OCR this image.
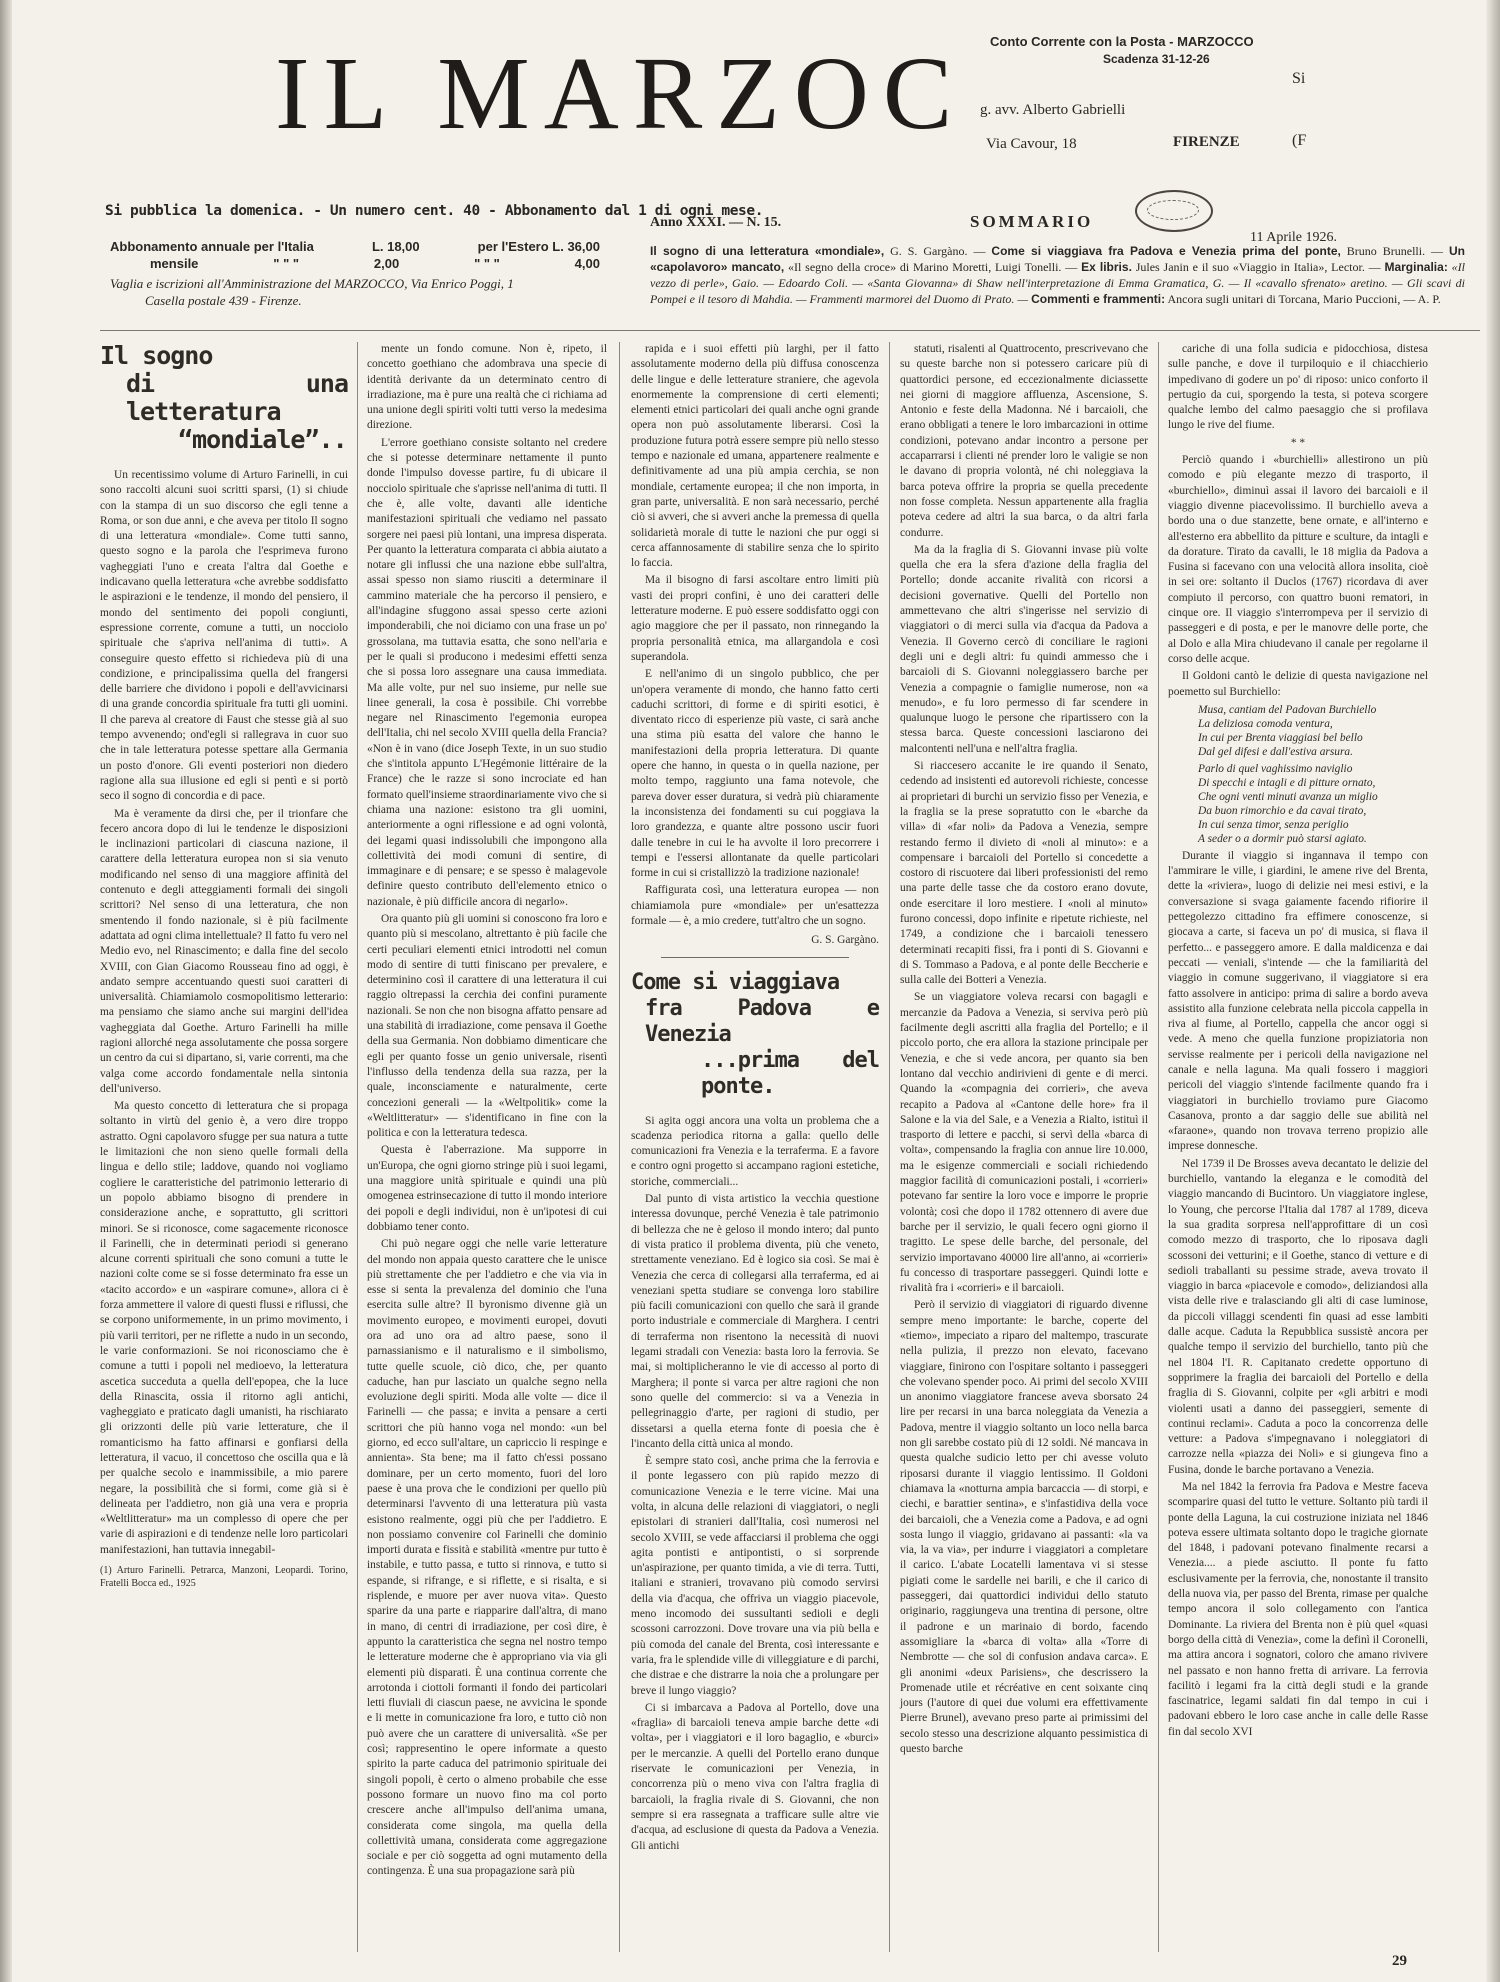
IL MARZOC Conto Corrente con la Posta - MARZOCCO
Scadenza 31-12-26
g. avv. Alberto Gabrielli
Via Cavour, 18	FIRENZE
Si
(F
Si pubblica la domenica. - Un numero cent. 40 - Abbonamento dal 1 di ogni mese.
Abbonamento annuale per l'Italia	L. 18,00	per l'Estero L. 36,00
mensile	" " "	2,00	" " "	4,00
Vaglia e iscrizioni all'Amministrazione del MARZOCCO, Via Enrico Poggi, 1
Casella postale 439 - Firenze.
Anno XXXI. — N. 15.	SOMMARIO
11 Aprile 1926.
Il sogno di una letteratura «mondiale», G. S. Gargàno. — Come si viaggiava fra Padova e Venezia prima del ponte, Bruno Brunelli. — Un «capolavoro» mancato, «Il segno della croce» di Marino Moretti, Luigi Tonelli. — Ex libris. Jules Janin e il suo «Viaggio in Italia», Lector. — Marginalia: «Il vezzo di perle», Gaio. — Edoardo Coli. — «Santa Giovanna» di Shaw nell'interpretazione di Emma Gramatica, G. — Il «cavallo sfrenato» aretino. — Gli scavi di Pompei e il tesoro di Mahdia. — Frammenti marmorei del Duomo di Prato. — Commenti e frammenti: Ancora sugli unitari di Torcana, Mario Puccioni, — A. P.
Il sogno
di una letteratura
“mondiale”..

Un recentissimo volume di Arturo Farinelli, in cui sono raccolti alcuni suoi scritti sparsi, (1) si chiude con la stampa di un suo discorso che egli tenne a Roma, or son due anni, e che aveva per titolo Il sogno di una letteratura «mondiale». Come tutti sanno, questo sogno e la parola che l'esprimeva furono vagheggiati l'uno e creata l'altra dal Goethe e indicavano quella letteratura «che avrebbe soddisfatto le aspirazioni e le tendenze, il mondo del pensiero, il mondo del sentimento dei popoli congiunti, espressione corrente, comune a tutti, un nocciolo spirituale che s'apriva nell'anima di tutti». A conseguire questo effetto si richiedeva più di una condizione, e principalissima quella del frangersi delle barriere che dividono i popoli e dell'avvicinarsi di una grande concordia spirituale fra tutti gli uomini. Il che pareva al creatore di Faust che stesse già al suo tempo avvenendo; ond'egli si rallegrava in cuor suo che in tale letteratura potesse spettare alla Germania un posto d'onore. Gli eventi posteriori non diedero ragione alla sua illusione ed egli si pentì e si portò seco il sogno di concordia e di pace.

Ma è veramente da dirsi che, per il trionfare che fecero ancora dopo di lui le tendenze le disposizioni le inclinazioni particolari di ciascuna nazione, il carattere della letteratura europea non si sia venuto modificando nel senso di una maggiore affinità del contenuto e degli atteggiamenti formali dei singoli scrittori? Nel senso di una letteratura, che non smentendo il fondo nazionale, si è più facilmente adattata ad ogni clima intellettuale? Il fatto fu vero nel Medio evo, nel Rinascimento; e dalla fine del secolo XVIII, con Gian Giacomo Rousseau fino ad oggi, è andato sempre accentuando questi suoi caratteri di universalità. Chiamiamolo cosmopolitismo letterario: ma pensiamo che siamo anche sui margini dell'idea vagheggiata dal Goethe. Arturo Farinelli ha mille ragioni allorché nega assolutamente che possa sorgere un centro da cui si dipartano, si, varie correnti, ma che valga come accordo fondamentale nella sintonia dell'universo.

Ma questo concetto di letteratura che si propaga soltanto in virtù del genio è, a vero dire troppo astratto. Ogni capolavoro sfugge per sua natura a tutte le limitazioni che non sieno quelle formali della lingua e dello stile; laddove, quando noi vogliamo cogliere le caratteristiche del patrimonio letterario di un popolo abbiamo bisogno di prendere in considerazione anche, e soprattutto, gli scrittori minori. Se si riconosce, come sagacemente riconosce il Farinelli, che in determinati periodi si generano alcune correnti spirituali che sono comuni a tutte le nazioni colte come se si fosse determinato fra esse un «tacito accordo» e un «aspirare comune», allora ci è forza ammettere il valore di questi flussi e riflussi, che se corpono uniformemente, in un primo movimento, i più varii territori, per ne riflette a nudo in un secondo, le varie conformazioni. Se noi riconosciamo che è comune a tutti i popoli nel medioevo, la letteratura ascetica succeduta a quella dell'epopea, che la luce della Rinascita, ossia il ritorno agli antichi, vagheggiato e praticato dagli umanisti, ha rischiarato gli orizzonti delle più varie letterature, che il romanticismo ha fatto affinarsi e gonfiarsi della letteratura, il vacuo, il concettoso che oscilla qua e là per qualche secolo e inammissibile, a mio parere negare, la possibilità che si formi, come già si è delineata per l'addietro, non già una vera e propria «Weltlitteratur» ma un complesso di opere che per varie di aspirazioni e di tendenze nelle loro particolari manifestazioni, han tuttavia innegabil-

(1) Arturo Farinelli. Petrarca, Manzoni, Leopardi. Torino, Fratelli Bocca ed., 1925

mente un fondo comune. Non è, ripeto, il concetto goethiano che adombrava una specie di identità derivante da un determinato centro di irradiazione, ma è pure una realtà che ci richiama ad una unione degli spiriti volti tutti verso la medesima direzione.

L'errore goethiano consiste soltanto nel credere che si potesse determinare nettamente il punto donde l'impulso dovesse partire, fu di ubicare il nocciolo spirituale che s'aprisse nell'anima di tutti. Il che è, alle volte, davanti alle identiche manifestazioni spirituali che vediamo nel passato sorgere nei paesi più lontani, una impresa disperata. Per quanto la letteratura comparata ci abbia aiutato a notare gli influssi che una nazione ebbe sull'altra, assai spesso non siamo riusciti a determinare il cammino materiale che ha percorso il pensiero, e all'indagine sfuggono assai spesso certe azioni imponderabili, che noi diciamo con una frase un po' grossolana, ma tuttavia esatta, che sono nell'aria e per le quali si producono i medesimi effetti senza che si possa loro assegnare una causa immediata. Ma alle volte, pur nel suo insieme, pur nelle sue linee generali, la cosa è possibile. Chi vorrebbe negare nel Rinascimento l'egemonia europea dell'Italia, chi nel secolo XVIII quella della Francia? «Non è in vano (dice Joseph Texte, in un suo studio che s'intitola appunto L'Hegémonie littéraire de la France) che le razze si sono incrociate ed han formato quell'insieme straordinariamente vivo che si chiama una nazione: esistono tra gli uomini, anteriormente a ogni riflessione e ad ogni volontà, dei legami quasi indissolubili che impongono alla collettività dei modi comuni di sentire, di immaginare e di pensare; e se spesso è malagevole definire questo contributo dell'elemento etnico o nazionale, è più difficile ancora di negarlo».

Ora quanto più gli uomini si conoscono fra loro e quanto più si mescolano, altrettanto è più facile che certi peculiari elementi etnici introdotti nel comun modo di sentire di tutti finiscano per prevalere, e determinino così il carattere di una letteratura il cui raggio oltrepassi la cerchia dei confini puramente nazionali. Se non che non bisogna affatto pensare ad una stabilità di irradiazione, come pensava il Goethe della sua Germania. Non dobbiamo dimenticare che egli per quanto fosse un genio universale, risentì l'influsso della tendenza della sua razza, per la quale, inconsciamente e naturalmente, certe concezioni generali — la «Weltpolitik» come la «Weltlitteratur» — s'identificano in fine con la politica e con la letteratura tedesca.

Questa è l'aberrazione. Ma supporre in un'Europa, che ogni giorno stringe più i suoi legami, una maggiore unità spirituale e quindi una più omogenea estrinsecazione di tutto il mondo interiore dei popoli e degli individui, non è un'ipotesi di cui dobbiamo tener conto.

Chi può negare oggi che nelle varie letterature del mondo non appaia questo carattere che le unisce più strettamente che per l'addietro e che via via in esse si senta la prevalenza del dominio che l'una esercita sulle altre? Il byronismo divenne già un movimento europeo, e movimenti europei, dovuti ora ad uno ora ad altro paese, sono il parnassianismo e il naturalismo e il simbolismo, tutte quelle scuole, ciò dico, che, per quanto caduche, han pur lasciato un qualche segno nella evoluzione degli spiriti. Moda alle volte — dice il Farinelli — che passa; e invita a pensare a certi scrittori che più hanno voga nel mondo: «un bel giorno, ed ecco sull'altare, un capriccio li respinge e annienta». Sta bene; ma il fatto ch'essi possano dominare, per un certo momento, fuori del loro paese è una prova che le condizioni per quello più determinarsi l'avvento di una letteratura più vasta esistono realmente, oggi più che per l'addietro. E non possiamo convenire col Farinelli che dominio importi durata e fissità e stabilità «mentre pur tutto è instabile, e tutto passa, e tutto si rinnova, e tutto si espande, si rifrange, e si riflette, e si risalta, e si risplende, e muore per aver nuova vita». Questo sparire da una parte e riapparire dall'altra, di mano in mano, di centri di irradiazione, per così dire, è appunto la caratteristica che segna nel nostro tempo le letterature moderne che è appropriano via via gli elementi più disparati. È una continua corrente che arrotonda i ciottoli formanti il fondo dei particolari letti fluviali di ciascun paese, ne avvicina le sponde e li mette in comunicazione fra loro, e tutto ciò non può avere che un carattere di universalità. «Se per così; rappresentino le opere informate a questo spirito la parte caduca del patrimonio spirituale dei singoli popoli, è certo o almeno probabile che esse possono formare un nuovo fino ma col porto crescere anche all'impulso dell'anima umana, considerata come singola, ma quella della collettività umana, considerata come aggregazione sociale e per ciò soggetta ad ogni mutamento della contingenza. È una sua propagazione sarà più

rapida e i suoi effetti più larghi, per il fatto assolutamente moderno della più diffusa conoscenza delle lingue e delle letterature straniere, che agevola enormemente la comprensione di certi elementi; elementi etnici particolari dei quali anche ogni grande opera non può assolutamente liberarsi. Così la produzione futura potrà essere sempre più nello stesso tempo e nazionale ed umana, appartenere realmente e definitivamente ad una più ampia cerchia, se non mondiale, certamente europea; il che non importa, in gran parte, universalità. E non sarà necessario, perché ciò si avveri, che si avveri anche la premessa di quella solidarietà morale di tutte le nazioni che pur oggi si cerca affannosamente di stabilire senza che lo spirito lo faccia.

Ma il bisogno di farsi ascoltare entro limiti più vasti dei propri confini, è uno dei caratteri delle letterature moderne. E può essere soddisfatto oggi con agio maggiore che per il passato, non rinnegando la propria personalità etnica, ma allargandola e così superandola.

E nell'animo di un singolo pubblico, che per un'opera veramente di mondo, che hanno fatto certi caduchi scrittori, di forme e di spiriti esotici, è diventato ricco di esperienze più vaste, ci sarà anche una stima più esatta del valore che hanno le manifestazioni della propria letteratura. Di quante opere che hanno, in questa o in quella nazione, per molto tempo, raggiunto una fama notevole, che pareva dover esser duratura, si vedrà più chiaramente la inconsistenza dei fondamenti su cui poggiava la loro grandezza, e quante altre possono uscir fuori dalle tenebre in cui le ha avvolte il loro precorrere i tempi e l'essersi allontanate da quelle particolari forme in cui si cristallizzò la tradizione nazionale!

Raffigurata così, una letteratura europea — non chiamiamola pure «mondiale» per un'esattezza formale — è, a mio credere, tutt'altro che un sogno.

G. S. Gargàno.
Come si viaggiava
fra Padova e Venezia
...prima del ponte.

Si agita oggi ancora una volta un problema che a scadenza periodica ritorna a galla: quello delle comunicazioni fra Venezia e la terraferma. E a favore e contro ogni progetto si accampano ragioni estetiche, storiche, commerciali...

Dal punto di vista artistico la vecchia questione interessa dovunque, perché Venezia è tale patrimonio di bellezza che ne è geloso il mondo intero; dal punto di vista pratico il problema diventa, più che veneto, strettamente veneziano. Ed è logico sia così. Se mai è Venezia che cerca di collegarsi alla terraferma, ed ai veneziani spetta studiare se convenga loro stabilire più facili comunicazioni con quello che sarà il grande porto industriale e commerciale di Marghera. I centri di terraferma non risentono la necessità di nuovi legami stradali con Venezia: basta loro la ferrovia. Se mai, si moltiplicheranno le vie di accesso al porto di Marghera; il ponte si varca per altre ragioni che non sono quelle del commercio: si va a Venezia in pellegrinaggio d'arte, per ragioni di studio, per dissetarsi a quella eterna fonte di poesia che è l'incanto della città unica al mondo.

È sempre stato così, anche prima che la ferrovia e il ponte legassero con più rapido mezzo di comunicazione Venezia e le terre vicine. Mai una volta, in alcuna delle relazioni di viaggiatori, o negli epistolari di stranieri dall'Italia, così numerosi nel secolo XVIII, se vede affacciarsi il problema che oggi agita pontisti e antipontisti, o si sorprende un'aspirazione, per quanto timida, a vie di terra. Tutti, italiani e stranieri, trovavano più comodo servirsi della via d'acqua, che offriva un viaggio piacevole, meno incomodo dei sussultanti sedioli e degli scossoni carrozzoni. Dove trovare una via più bella e più comoda del canale del Brenta, così interessante e varia, fra le splendide ville di villeggiature e di parchi, che distrae e che distrarre la noia che a prolungare per breve il lungo viaggio?

Ci si imbarcava a Padova al Portello, dove una «fraglia» di barcaioli teneva ampie barche dette «di volta», per i viaggiatori e il loro bagaglio, e «burci» per le mercanzie. A quelli del Portello erano dunque riservate le comunicazioni per Venezia, in concorrenza più o meno viva con l'altra fraglia di barcaioli, la fraglia rivale di S. Giovanni, che non sempre si era rassegnata a trafficare sulle altre vie d'acqua, ad esclusione di questa da Padova a Venezia. Gli antichi

statuti, risalenti al Quattrocento, prescrivevano che su queste barche non si potessero caricare più di quattordici persone, ed eccezionalmente diciassette nei giorni di maggiore affluenza, Ascensione, S. Antonio e feste della Madonna. Né i barcaioli, che erano obbligati a tenere le loro imbarcazioni in ottime condizioni, potevano andar incontro a persone per accaparrarsi i clienti né prender loro le valigie se non le davano di propria volontà, né chi noleggiava la barca poteva offrire la propria se quella precedente non fosse completa. Nessun appartenente alla fraglia poteva cedere ad altri la sua barca, o da altri farla condurre.

Ma da la fraglia di S. Giovanni invase più volte quella che era la sfera d'azione della fraglia del Portello; donde accanite rivalità con ricorsi a decisioni governative. Quelli del Portello non ammettevano che altri s'ingerisse nel servizio di viaggiatori o di merci sulla via d'acqua da Padova a Venezia. Il Governo cercò di conciliare le ragioni degli uni e degli altri: fu quindi ammesso che i barcaioli di S. Giovanni noleggiassero barche per Venezia a compagnie o famiglie numerose, non «a menudo», e fu loro permesso di far scendere in qualunque luogo le persone che ripartissero con la stessa barca. Queste concessioni lasciarono dei malcontenti nell'una e nell'altra fraglia.

Si riaccesero accanite le ire quando il Senato, cedendo ad insistenti ed autorevoli richieste, concesse ai proprietari di burchi un servizio fisso per Venezia, e la fraglia se la prese sopratutto con le «barche da villa» di «far noli» da Padova a Venezia, sempre restando fermo il divieto di «noli al minuto»: e a compensare i barcaioli del Portello si concedette a costoro di riscuotere dai liberi professionisti del remo una parte delle tasse che da costoro erano dovute, onde esercitare il loro mestiere. I «noli al minuto» furono concessi, dopo infinite e ripetute richieste, nel 1749, a condizione che i barcaioli tenessero determinati recapiti fissi, fra i ponti di S. Giovanni e di S. Tommaso a Padova, e al ponte delle Beccherie e sulla calle dei Botteri a Venezia.

Se un viaggiatore voleva recarsi con bagagli e mercanzie da Padova a Venezia, si serviva però più facilmente degli ascritti alla fraglia del Portello; e il piccolo porto, che era allora la stazione principale per Venezia, e che si vede ancora, per quanto sia ben lontano dal vecchio andirivieni di gente e di merci. Quando la «compagnia dei corrieri», che aveva recapito a Padova al «Cantone delle hore» fra il Salone e la via del Sale, e a Venezia a Rialto, istituì il trasporto di lettere e pacchi, si servì della «barca di volta», compensando la fraglia con annue lire 10.000, ma le esigenze commerciali e sociali richiedendo maggior facilità di comunicazioni postali, i «corrieri» potevano far sentire la loro voce e imporre le proprie volontà; così che dopo il 1782 ottennero di avere due barche per il servizio, le quali fecero ogni giorno il tragitto. Le spese delle barche, del personale, del servizio importavano 40000 lire all'anno, ai «corrieri» fu concesso di trasportare passeggeri. Quindi lotte e rivalità fra i «corrieri» e il barcaioli.

Però il servizio di viaggiatori di riguardo divenne sempre meno importante: le barche, coperte del «tiemo», impeciato a riparo del maltempo, trascurate nella pulizia, il prezzo non elevato, facevano viaggiare, finirono con l'ospitare soltanto i passeggeri che volevano spender poco. Ai primi del secolo XVIII un anonimo viaggiatore francese aveva sborsato 24 lire per recarsi in una barca noleggiata da Venezia a Padova, mentre il viaggio soltanto un loco nella barca non gli sarebbe costato più di 12 soldi. Né mancava in questa qualche sudicio letto per chi avesse voluto riposarsi durante il viaggio lentissimo. Il Goldoni chiamava la «notturna ampia barcaccia — di storpi, e ciechi, e barattier sentina», e s'infastidiva della voce dei barcaioli, che a Venezia come a Padova, e ad ogni sosta lungo il viaggio, gridavano ai passanti: «la va via, la va via», per indurre i viaggiatori a completare il carico. L'abate Locatelli lamentava vi si stesse pigiati come le sardelle nei barili, e che il carico di passeggeri, dai quattordici individui dello statuto originario, raggiungeva una trentina di persone, oltre il padrone e un marinaio di bordo, facendo assomigliare la «barca di volta» alla «Torre di Nembrotte — che sol di confusion andava carca». E gli anonimi «deux Parisiens», che descrissero la Promenade utile et récréative en cent soixante cinq jours (l'autore di quei due volumi era effettivamente Pierre Brunel), avevano preso parte ai primissimi del secolo stesso una descrizione alquanto pessimistica di questo barche

cariche di una folla sudicia e pidocchiosa, distesa sulle panche, e dove il turpiloquio e il chiacchierio impedivano di godere un po' di riposo: unico conforto il pertugio da cui, sporgendo la testa, si poteva scorgere qualche lembo del calmo paesaggio che si profilava lungo le rive del fiume.

* *

Perciò quando i «burchielli» allestirono un più comodo e più elegante mezzo di trasporto, il «burchiello», diminuì assai il lavoro dei barcaioli e il viaggio divenne piacevolissimo. Il burchiello aveva a bordo una o due stanzette, bene ornate, e all'interno e all'esterno era abbellito da pitture e sculture, da intagli e da dorature. Tirato da cavalli, le 18 miglia da Padova a Fusina si facevano con una velocità allora insolita, cioè in sei ore: soltanto il Duclos (1767) ricordava di aver compiuto il percorso, con quattro buoni rematori, in cinque ore. Il viaggio s'interrompeva per il servizio di passeggeri e di posta, e per le manovre delle porte, che al Dolo e alla Mira chiudevano il canale per regolarne il corso delle acque.

Il Goldoni cantò le delizie di questa navigazione nel poemetto sul Burchiello:

Musa, cantiam del Padovan Burchiello
La deliziosa comoda ventura,
In cui per Brenta viaggiasi bel bello
Dal gel difesi e dall'estiva arsura.
Parlo di quel vaghissimo naviglio
Di specchi e intagli e di pitture ornato,
Che ogni venti minuti avanza un miglio
Da buon rimorchio e da cavai tirato,
In cui senza timor, senza periglio
A seder o a dormir può starsi agiato.

Durante il viaggio si ingannava il tempo con l'ammirare le ville, i giardini, le amene rive del Brenta, dette la «riviera», luogo di delizie nei mesi estivi, e la conversazione si svaga gaiamente facendo rifiorire il pettegolezzo cittadino fra effimere conoscenze, si giocava a carte, si faceva un po' di musica, si flava il perfetto... e passeggero amore. E dalla maldicenza e dai peccati — veniali, s'intende — che la familiarità del viaggio in comune suggerivano, il viaggiatore si era fatto assolvere in anticipo: prima di salire a bordo aveva assistito alla funzione celebrata nella piccola cappella in riva al fiume, al Portello, cappella che ancor oggi si vede. A meno che quella funzione propiziatoria non servisse realmente per i pericoli della navigazione nel canale e nella laguna. Ma quali fossero i maggiori pericoli del viaggio s'intende facilmente quando fra i viaggiatori in burchiello troviamo pure Giacomo Casanova, pronto a dar saggio delle sue abilità nel «faraone», quando non trovava terreno propizio alle imprese donnesche.

Nel 1739 il De Brosses aveva decantato le delizie del burchiello, vantando la eleganza e le comodità del viaggio mancando di Bucintoro. Un viaggiatore inglese, lo Young, che percorse l'Italia dal 1787 al 1789, diceva la sua gradita sorpresa nell'approfittare di un così comodo mezzo di trasporto, che lo riposava dagli scossoni dei vetturini; e il Goethe, stanco di vetture e di sedioli traballanti su pessime strade, aveva trovato il viaggio in barca «piacevole e comodo», deliziandosi alla vista delle rive e tralasciando gli alti di case luminose, da piccoli villaggi scendenti fin quasi ad esse lambiti dalle acque. Caduta la Repubblica sussistè ancora per qualche tempo il servizio del burchiello, tanto più che nel 1804 l'I. R. Capitanato credette opportuno di sopprimere la fraglia dei barcaioli del Portello e della fraglia di S. Giovanni, colpite per «gli arbitri e modi violenti usati a danno dei passeggieri, semente di continui reclami». Caduta a poco la concorrenza delle vetture: a Padova s'impegnavano i noleggiatori di carrozze nella «piazza dei Noli» e si giungeva fino a Fusina, donde le barche portavano a Venezia.

Ma nel 1842 la ferrovia fra Padova e Mestre faceva scomparire quasi del tutto le vetture. Soltanto più tardi il ponte della Laguna, la cui costruzione iniziata nel 1846 poteva essere ultimata soltanto dopo le tragiche giornate del 1848, i padovani potevano finalmente recarsi a Venezia.... a piede asciutto. Il ponte fu fatto esclusivamente per la ferrovia, che, nonostante il transito della nuova via, per passo del Brenta, rimase per qualche tempo ancora il solo collegamento con l'antica Dominante. La riviera del Brenta non è più quel «quasi borgo della città di Venezia», come la definì il Coronelli, ma attira ancora i sognatori, coloro che amano rivivere nel passato e non hanno fretta di arrivare. La ferrovia facilitò i legami fra la città degli studi e la grande fascinatrice, legami saldati fin dal tempo in cui i padovani ebbero le loro case anche in calle delle Rasse fin dal secolo XVI

29
